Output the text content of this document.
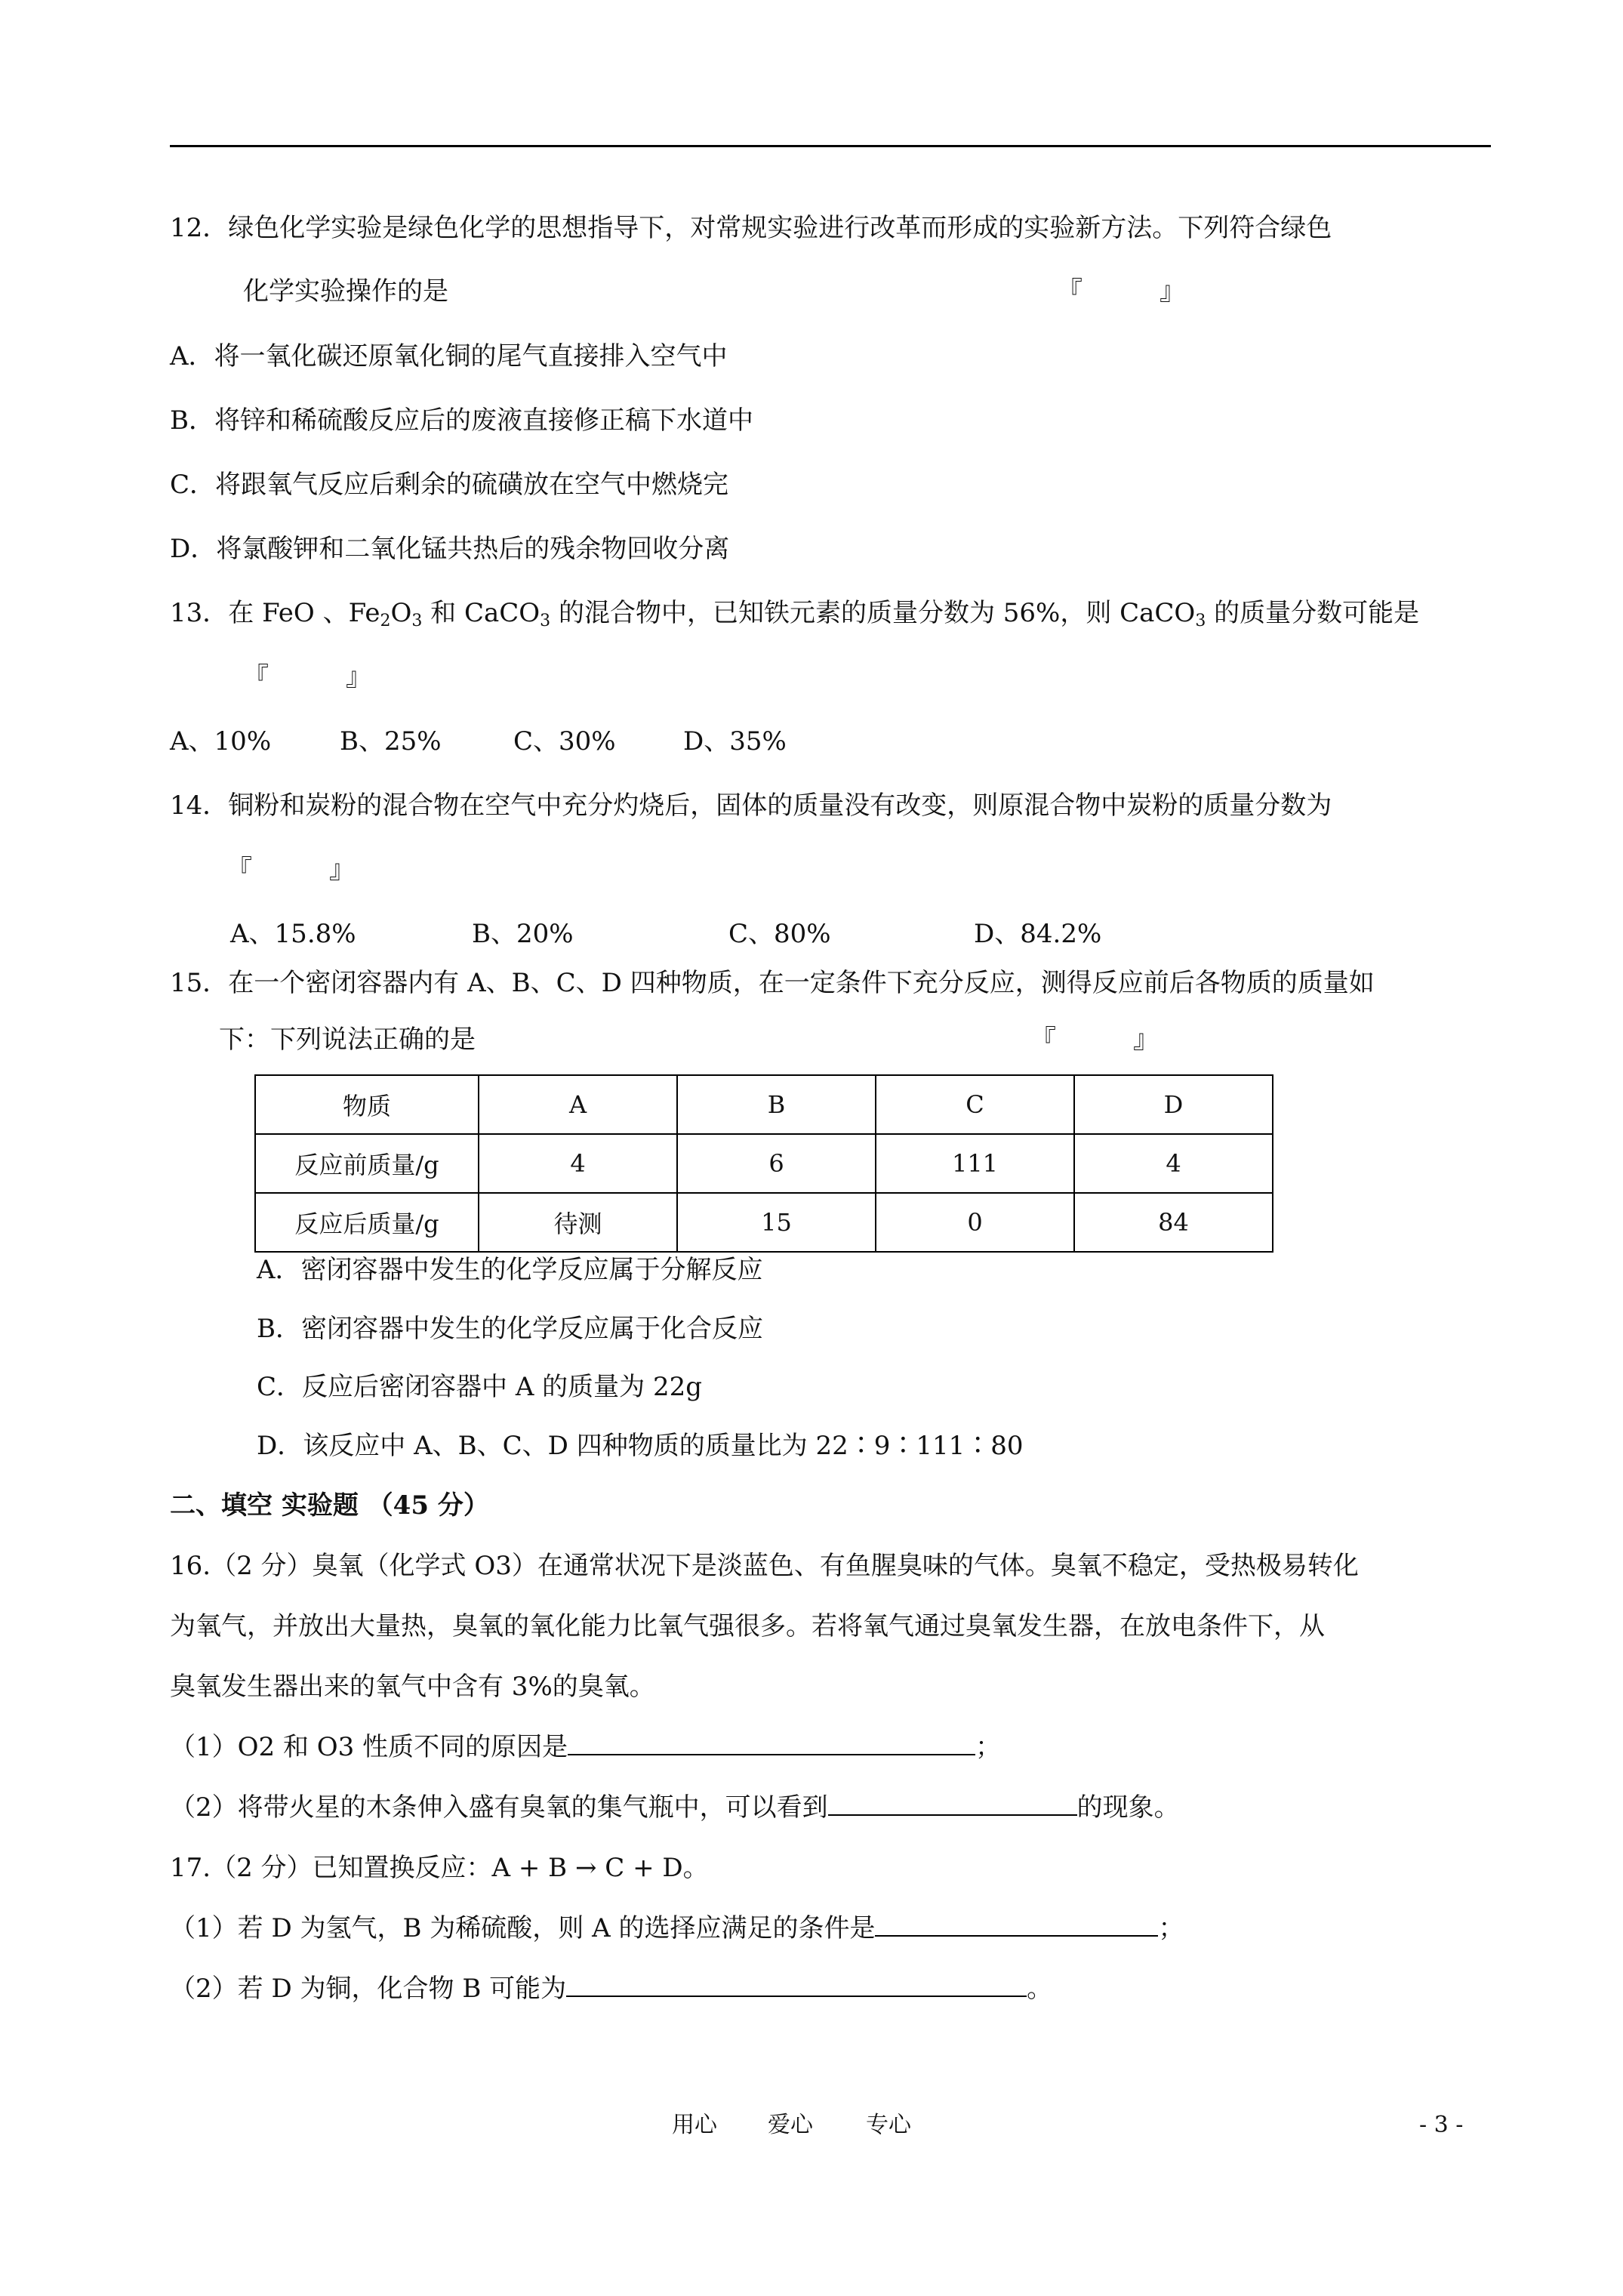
12．绿色化学实验是绿色化学的思想指导下，对常规实验进行改革而形成的实验新方法。下列符合绿色
化学实验操作的是	『　　　』
A．将一氧化碳还原氧化铜的尾气直接排入空气中
B．将锌和稀硫酸反应后的废液直接修正稿下水道中
C．将跟氧气反应后剩余的硫磺放在空气中燃烧完
D．将氯酸钾和二氧化锰共热后的残余物回收分离
13．在 FeO 、$Fe_2O_3$ 和 CaCO$_3$ 的混合物中，已知铁元素的质量分数为 56%，则 CaCO$_3$ 的质量分数可能是
『　　　』
A、10%	B、25%	C、30%	D、35%
14．铜粉和炭粉的混合物在空气中充分灼烧后，固体的质量没有改变，则原混合物中炭粉的质量分数为
『　　　』
A、15.8%	B、20%	C、80%	D、84.2%
15．在一个密闭容器内有 A、B、C、D 四种物质，在一定条件下充分反应，测得反应前后各物质的质量如
下：下列说法正确的是	『　　　』
物质	A	B	C	D
反应前质量/g	4	6	111	4
反应后质量/g	待测	15	0	84
A．密闭容器中发生的化学反应属于分解反应
B．密闭容器中发生的化学反应属于化合反应
C．反应后密闭容器中 A 的质量为 22g
D．该反应中 A、B、C、D 四种物质的质量比为 22∶9∶111∶80
二、填空 实验题 （45 分）
16.（2 分）臭氧（化学式 O3）在通常状况下是淡蓝色、有鱼腥臭味的气体。臭氧不稳定，受热极易转化
为氧气，并放出大量热，臭氧的氧化能力比氧气强很多。若将氧气通过臭氧发生器，在放电条件下，从
臭氧发生器出来的氧气中含有 3%的臭氧。
（1）O2 和 O3 性质不同的原因是	；
（2）将带火星的木条伸入盛有臭氧的集气瓶中，可以看到	的现象。
17.（2 分）已知置换反应：A + B → C + D。
（1）若 D 为氢气，B 为稀硫酸，则 A 的选择应满足的条件是	；
（2）若 D 为铜，化合物 B 可能为	。
用心 爱心 专心	- 3 -
